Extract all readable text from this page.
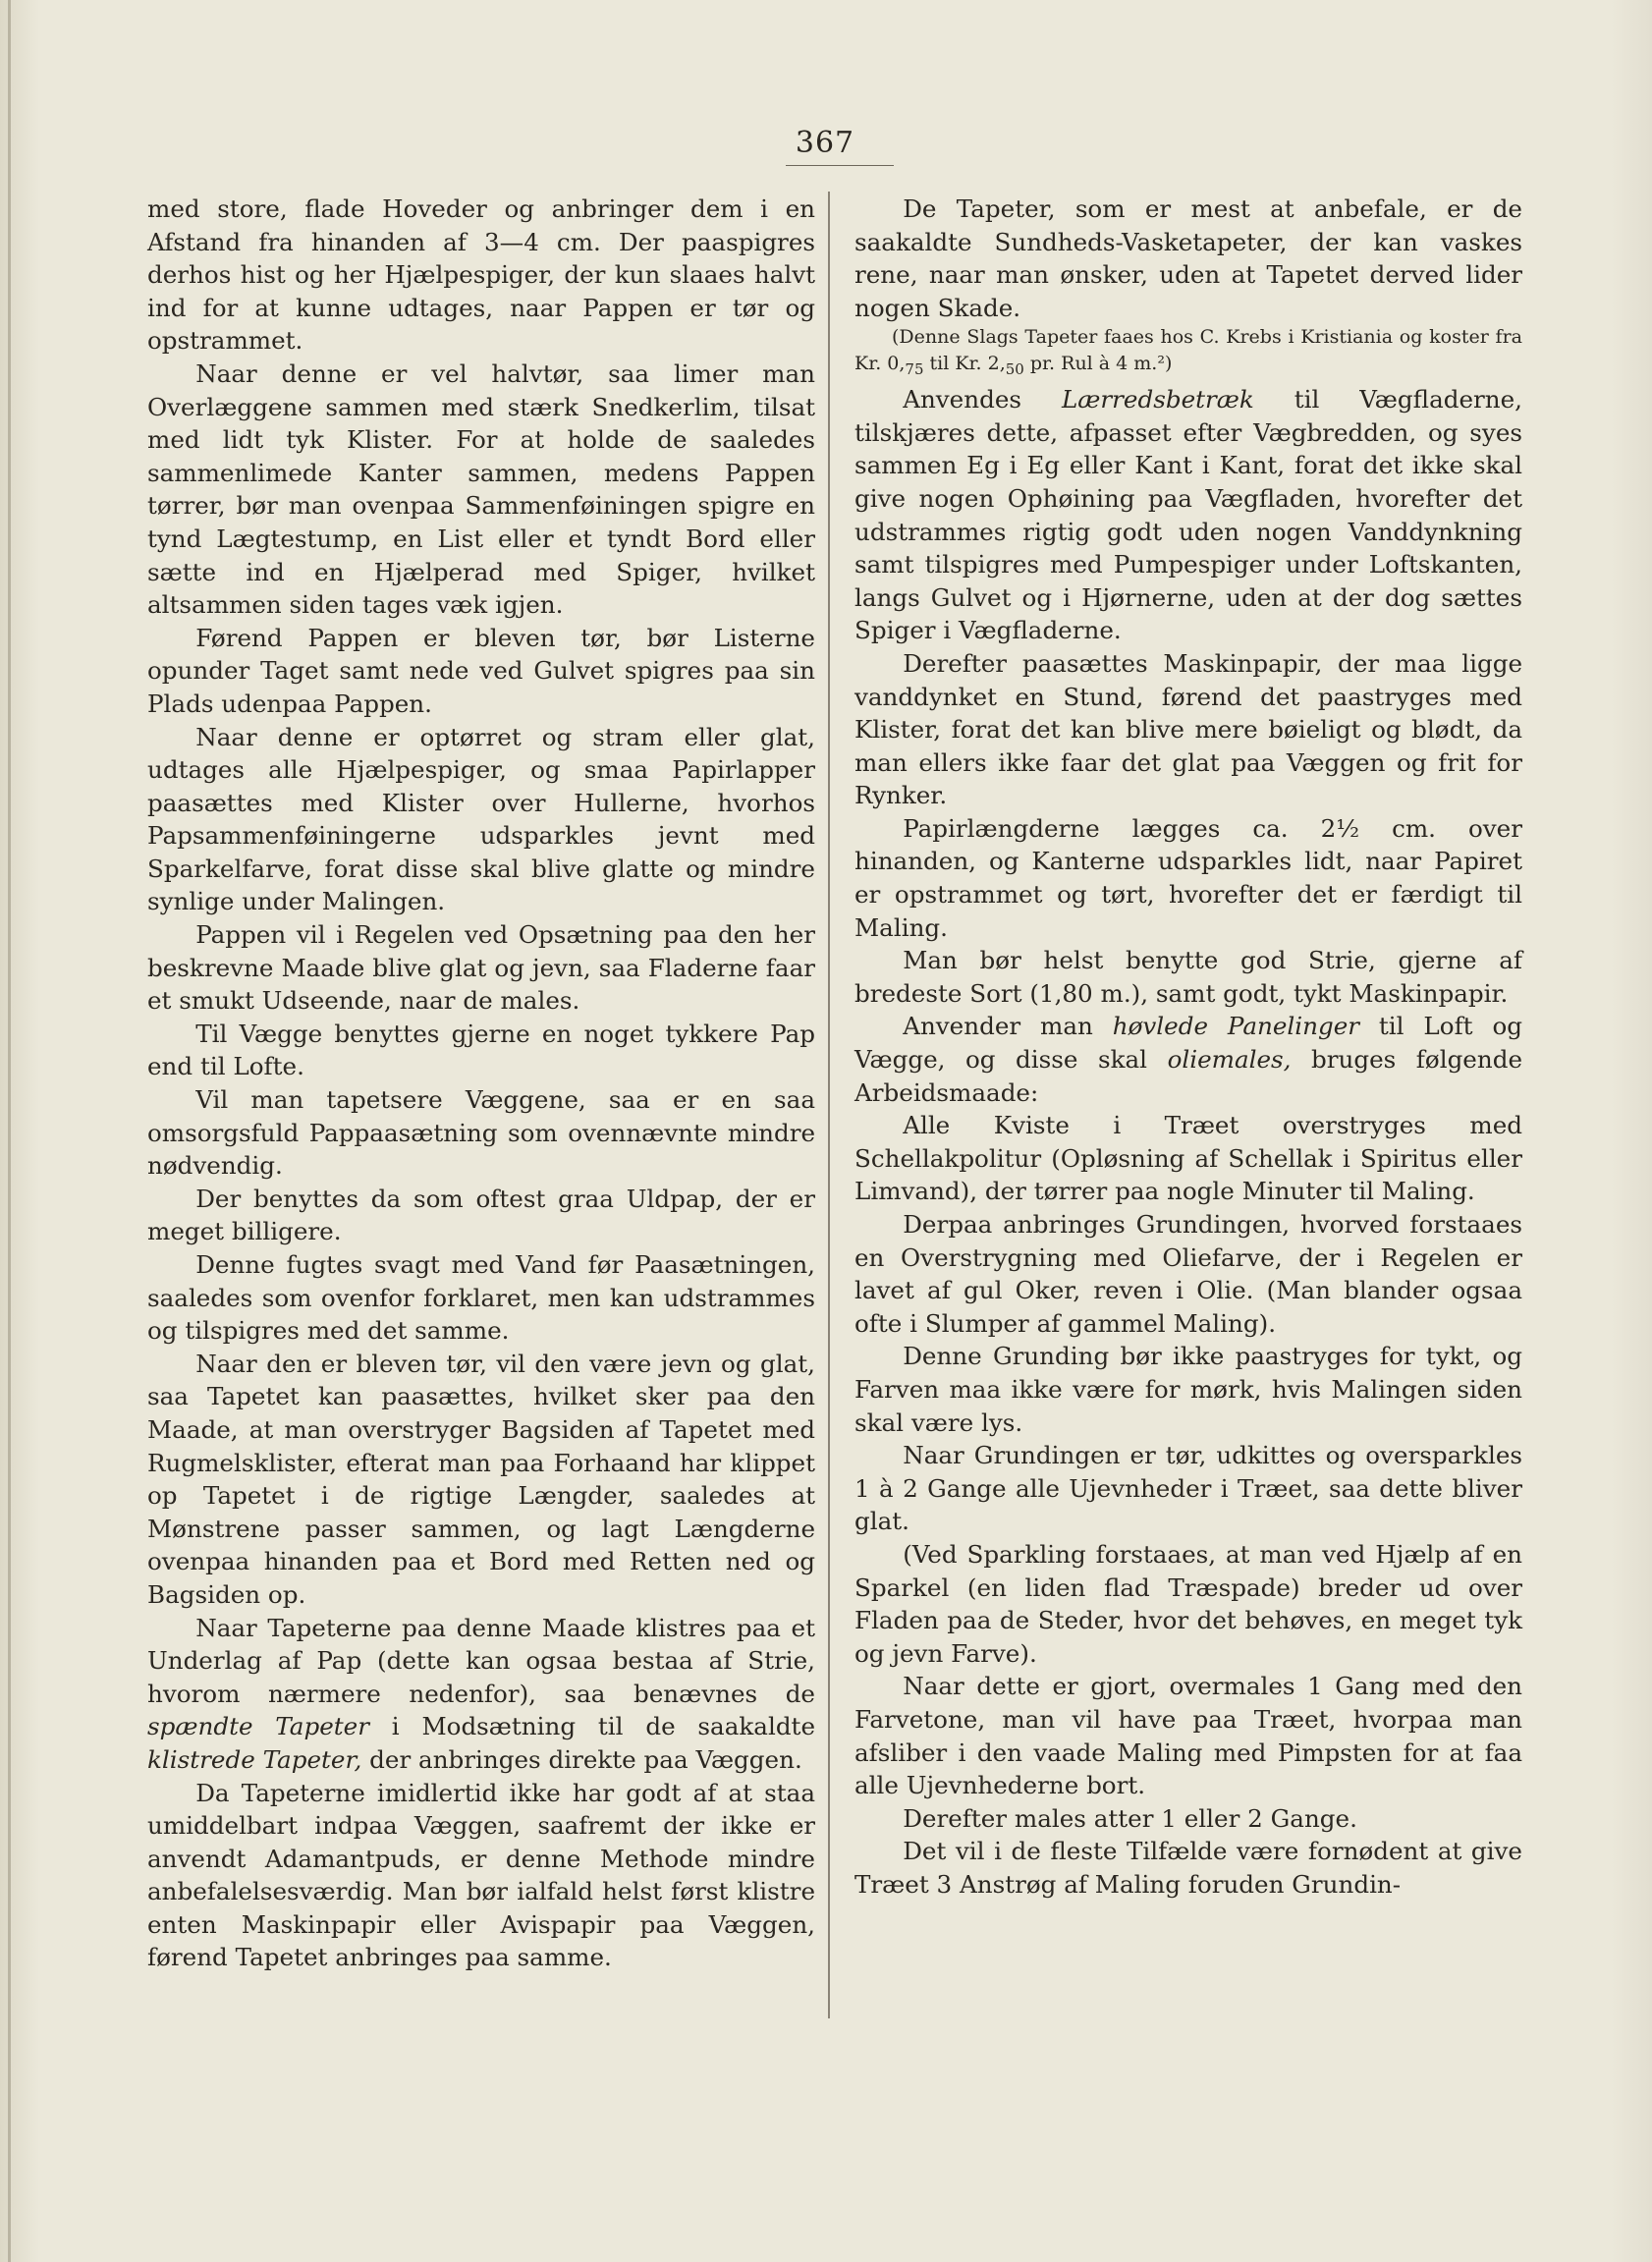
367

med store, flade Hoveder og anbringer dem i en Afstand fra hinanden af 3—4 cm. Der paaspigres derhos hist og her Hjælpespiger, der kun slaaes halvt ind for at kunne udtages, naar Pappen er tør og opstrammet.

Naar denne er vel halvtør, saa limer man Overlæggene sammen med stærk Snedkerlim, tilsat med lidt tyk Klister. For at holde de saaledes sammenlimede Kanter sammen, medens Pappen tørrer, bør man ovenpaa Sammenføiningen spigre en tynd Lægtestump, en List eller et tyndt Bord eller sætte ind en Hjælperad med Spiger, hvilket altsammen siden tages væk igjen.

Førend Pappen er bleven tør, bør Listerne opunder Taget samt nede ved Gulvet spigres paa sin Plads udenpaa Pappen.

Naar denne er optørret og stram eller glat, udtages alle Hjælpespiger, og smaa Papirlapper paasættes med Klister over Hullerne, hvorhos Papsammenføiningerne udsparkles jevnt med Sparkelfarve, forat disse skal blive glatte og mindre synlige under Malingen.

Pappen vil i Regelen ved Opsætning paa den her beskrevne Maade blive glat og jevn, saa Fladerne faar et smukt Udseende, naar de males.

Til Vægge benyttes gjerne en noget tykkere Pap end til Lofte.

Vil man tapetsere Væggene, saa er en saa omsorgsfuld Pappaasætning som ovennævnte mindre nødvendig.

Der benyttes da som oftest graa Uldpap, der er meget billigere.

Denne fugtes svagt med Vand før Paasætningen, saaledes som ovenfor forklaret, men kan udstrammes og tilspigres med det samme.

Naar den er bleven tør, vil den være jevn og glat, saa Tapetet kan paasættes, hvilket sker paa den Maade, at man overstryger Bagsiden af Tapetet med Rugmelsklister, efterat man paa Forhaand har klippet op Tapetet i de rigtige Længder, saaledes at Mønstrene passer sammen, og lagt Længderne ovenpaa hinanden paa et Bord med Retten ned og Bagsiden op.

Naar Tapeterne paa denne Maade klistres paa et Underlag af Pap (dette kan ogsaa bestaa af Strie, hvorom nærmere nedenfor), saa benævnes de spændte Tapeter i Modsætning til de saakaldte klistrede Tapeter, der anbringes direkte paa Væggen.

Da Tapeterne imidlertid ikke har godt af at staa umiddelbart indpaa Væggen, saafremt der ikke er anvendt Adamantpuds, er denne Methode mindre anbefalelsesværdig. Man bør ialfald helst først klistre enten Maskinpapir eller Avispapir paa Væggen, førend Tapetet anbringes paa samme.

De Tapeter, som er mest at anbefale, er de saakaldte Sundheds-Vasketapeter, der kan vaskes rene, naar man ønsker, uden at Tapetet derved lider nogen Skade.

(Denne Slags Tapeter faaes hos C. Krebs i Kristiania og koster fra Kr. $0,_{75}$ til Kr. $2,_{50}$ pr. Rul à 4 m.²)

Anvendes Lærredsbetræk til Vægfladerne, tilskjæres dette, afpasset efter Vægbredden, og syes sammen Eg i Eg eller Kant i Kant, forat det ikke skal give nogen Ophøining paa Vægfladen, hvorefter det udstrammes rigtig godt uden nogen Vanddynkning samt tilspigres med Pumpespiger under Loftskanten, langs Gulvet og i Hjørnerne, uden at der dog sættes Spiger i Vægfladerne.

Derefter paasættes Maskinpapir, der maa ligge vanddynket en Stund, førend det paastryges med Klister, forat det kan blive mere bøieligt og blødt, da man ellers ikke faar det glat paa Væggen og frit for Rynker.

Papirlængderne lægges ca. 2½ cm. over hinanden, og Kanterne udsparkles lidt, naar Papiret er opstrammet og tørt, hvorefter det er færdigt til Maling.

Man bør helst benytte god Strie, gjerne af bredeste Sort (1,80 m.), samt godt, tykt Maskinpapir.

Anvender man høvlede Panelinger til Loft og Vægge, og disse skal oliemales, bruges følgende Arbeidsmaade:

Alle Kviste i Træet overstryges med Schellakpolitur (Opløsning af Schellak i Spiritus eller Limvand), der tørrer paa nogle Minuter til Maling.

Derpaa anbringes Grundingen, hvorved forstaaes en Overstrygning med Oliefarve, der i Regelen er lavet af gul Oker, reven i Olie. (Man blander ogsaa ofte i Slumper af gammel Maling).

Denne Grunding bør ikke paastryges for tykt, og Farven maa ikke være for mørk, hvis Malingen siden skal være lys.

Naar Grundingen er tør, udkittes og oversparkles 1 à 2 Gange alle Ujevnheder i Træet, saa dette bliver glat.

(Ved Sparkling forstaaes, at man ved Hjælp af en Sparkel (en liden flad Træspade) breder ud over Fladen paa de Steder, hvor det behøves, en meget tyk og jevn Farve).

Naar dette er gjort, overmales 1 Gang med den Farvetone, man vil have paa Træet, hvorpaa man afsliber i den vaade Maling med Pimpsten for at faa alle Ujevnhederne bort.

Derefter males atter 1 eller 2 Gange.

Det vil i de fleste Tilfælde være fornødent at give Træet 3 Anstrøg af Maling foruden Grundin-
